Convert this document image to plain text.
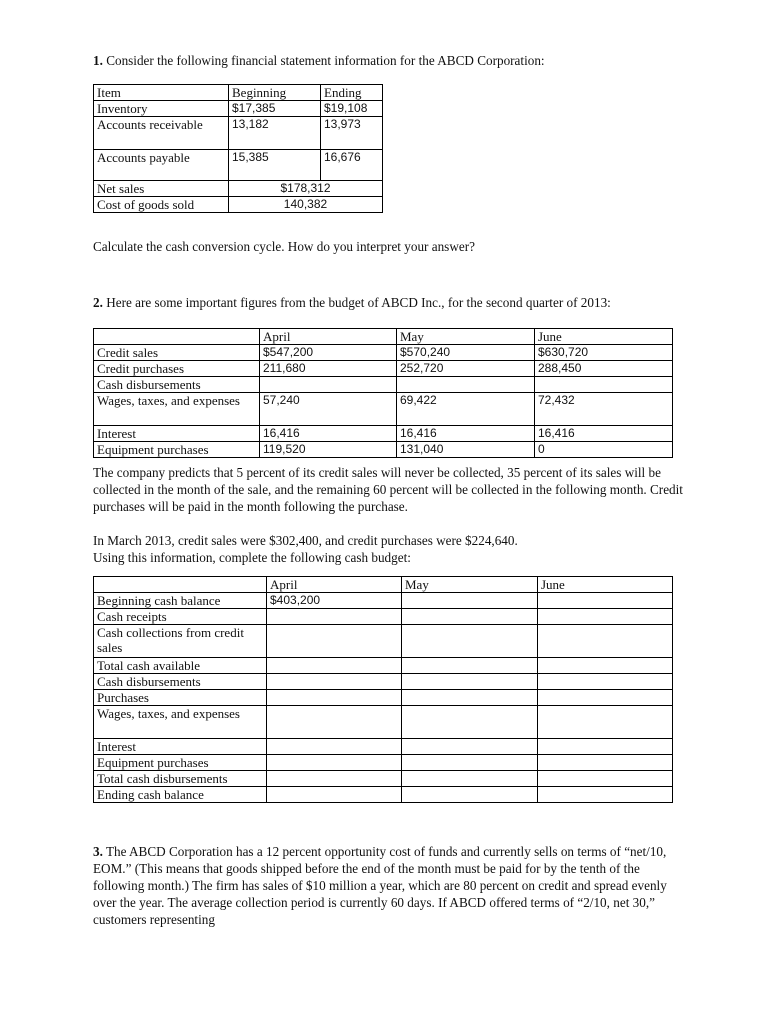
1. Consider the following financial statement information for the ABCD Corporation:

Item	Beginning	Ending
Inventory	$17,385	$19,108
Accounts receivable	13,182	13,973
Accounts payable	15,385	16,676
Net sales	$178,312	
Cost of goods sold	140,382	

Calculate the cash conversion cycle. How do you interpret your answer?

2. Here are some important figures from the budget of ABCD Inc., for the second quarter of 2013:

	April	May	June
Credit sales	$547,200	$570,240	$630,720
Credit purchases	211,680	252,720	288,450
Cash disbursements			
Wages, taxes, and expenses	57,240	69,422	72,432
Interest	16,416	16,416	16,416
Equipment purchases	119,520	131,040	0

The company predicts that 5 percent of its credit sales will never be collected, 35 percent of its sales will be collected in the month of the sale, and the remaining 60 percent will be collected in the following month. Credit purchases will be paid in the month following the purchase.

In March 2013, credit sales were $302,400, and credit purchases were $224,640.

Using this information, complete the following cash budget:

	April	May	June
Beginning cash balance	$403,200		
Cash receipts			
Cash collections from credit sales			
Total cash available			
Cash disbursements			
Purchases			
Wages, taxes, and expenses			
Interest			
Equipment purchases			
Total cash disbursements			
Ending cash balance			

3. The ABCD Corporation has a 12 percent opportunity cost of funds and currently sells on terms of “net/10, EOM.” (This means that goods shipped before the end of the month must be paid for by the tenth of the following month.) The firm has sales of $10 million a year, which are 80 percent on credit and spread evenly over the year. The average collection period is currently 60 days. If ABCD offered terms of “2/10, net 30,” customers representing
